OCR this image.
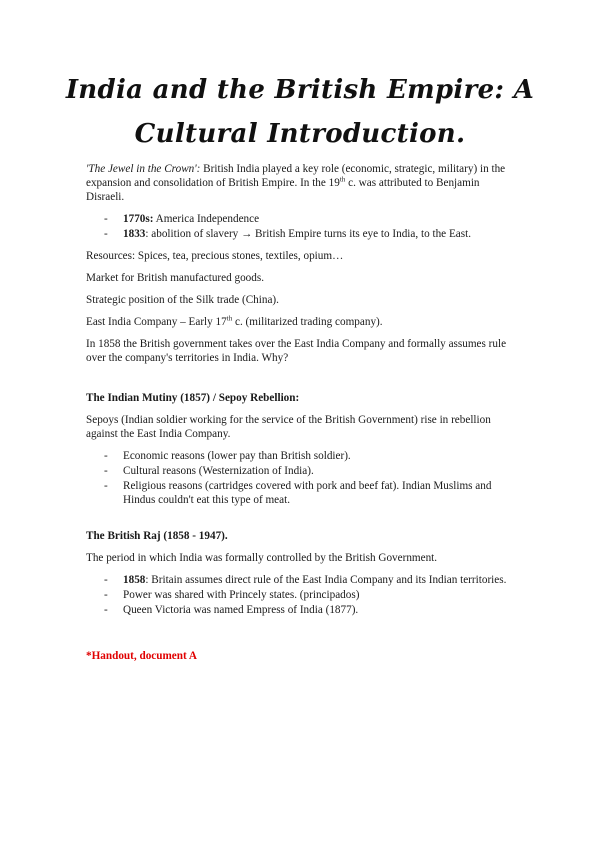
India and the British Empire: A
Cultural Introduction.

'The Jewel in the Crown': British India played a key role (economic, strategic, military) in the expansion and consolidation of British Empire. In the 19th c. was attributed to Benjamin Disraeli.

- 1770s: America Independence
- 1833: abolition of slavery → British Empire turns its eye to India, to the East.

Resources: Spices, tea, precious stones, textiles, opium…

Market for British manufactured goods.

Strategic position of the Silk trade (China).

East India Company – Early 17th c. (militarized trading company).

In 1858 the British government takes over the East India Company and formally assumes rule over the company's territories in India. Why?

The Indian Mutiny (1857) / Sepoy Rebellion:

Sepoys (Indian soldier working for the service of the British Government) rise in rebellion against the East India Company.

- Economic reasons (lower pay than British soldier).
- Cultural reasons (Westernization of India).
- Religious reasons (cartridges covered with pork and beef fat). Indian Muslims and Hindus couldn't eat this type of meat.

The British Raj (1858 - 1947).

The period in which India was formally controlled by the British Government.

- 1858: Britain assumes direct rule of the East India Company and its Indian territories.
- Power was shared with Princely states. (principados)
- Queen Victoria was named Empress of India (1877).

*Handout, document A
